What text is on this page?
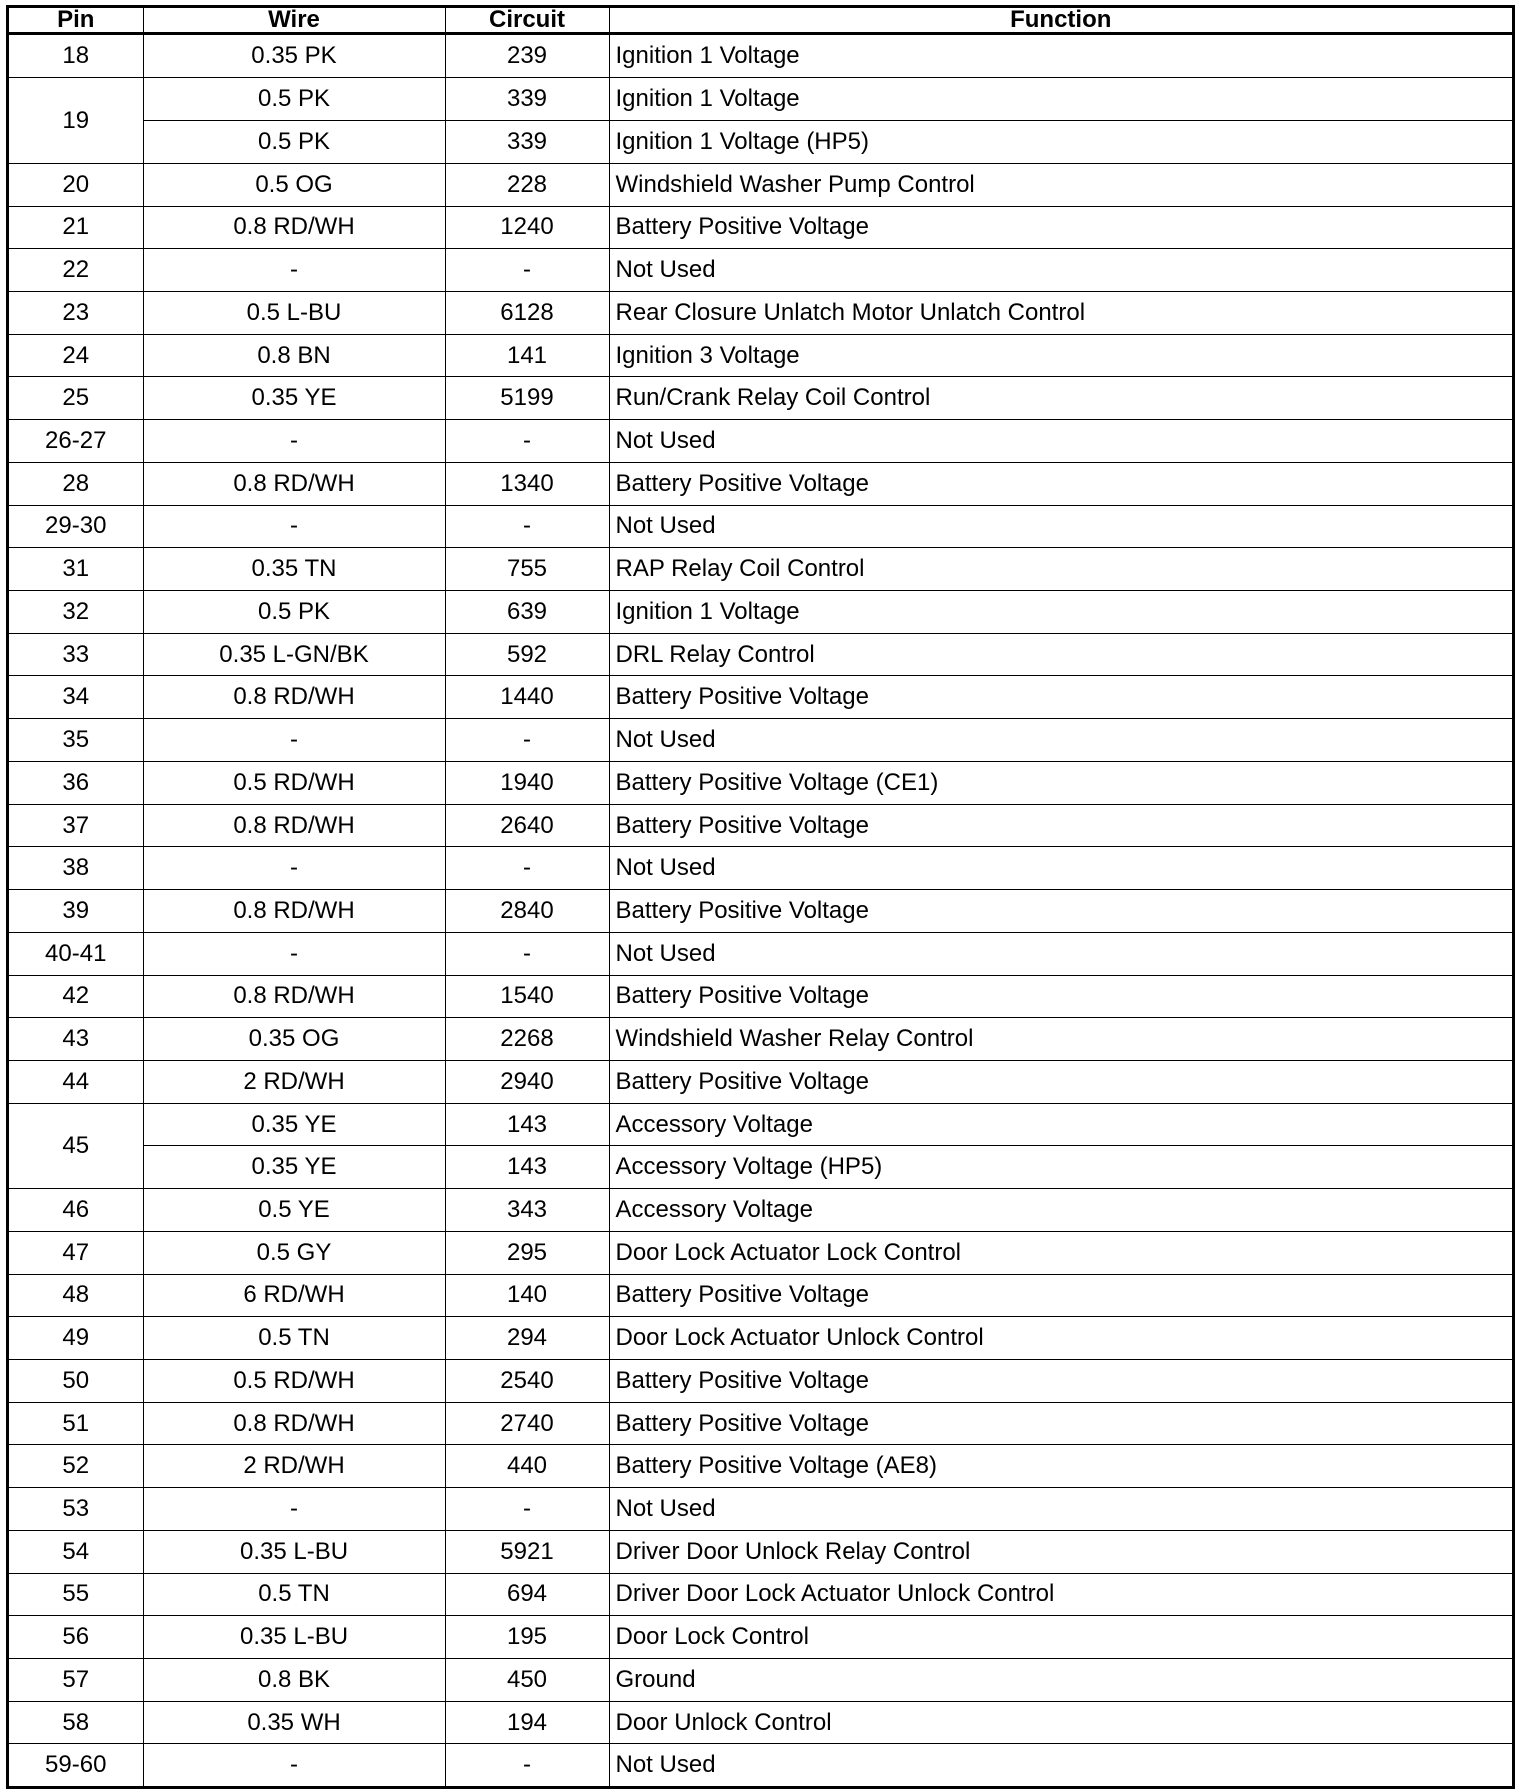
Pin	Wire	Circuit	Function
18	0.35 PK	239	Ignition 1 Voltage
19	0.5 PK	339	Ignition 1 Voltage
	0.5 PK	339	Ignition 1 Voltage (HP5)
20	0.5 OG	228	Windshield Washer Pump Control
21	0.8 RD/WH	1240	Battery Positive Voltage
22	-	-	Not Used
23	0.5 L-BU	6128	Rear Closure Unlatch Motor Unlatch Control
24	0.8 BN	141	Ignition 3 Voltage
25	0.35 YE	5199	Run/Crank Relay Coil Control
26-27	-	-	Not Used
28	0.8 RD/WH	1340	Battery Positive Voltage
29-30	-	-	Not Used
31	0.35 TN	755	RAP Relay Coil Control
32	0.5 PK	639	Ignition 1 Voltage
33	0.35 L-GN/BK	592	DRL Relay Control
34	0.8 RD/WH	1440	Battery Positive Voltage
35	-	-	Not Used
36	0.5 RD/WH	1940	Battery Positive Voltage (CE1)
37	0.8 RD/WH	2640	Battery Positive Voltage
38	-	-	Not Used
39	0.8 RD/WH	2840	Battery Positive Voltage
40-41	-	-	Not Used
42	0.8 RD/WH	1540	Battery Positive Voltage
43	0.35 OG	2268	Windshield Washer Relay Control
44	2 RD/WH	2940	Battery Positive Voltage
45	0.35 YE	143	Accessory Voltage
	0.35 YE	143	Accessory Voltage (HP5)
46	0.5 YE	343	Accessory Voltage
47	0.5 GY	295	Door Lock Actuator Lock Control
48	6 RD/WH	140	Battery Positive Voltage
49	0.5 TN	294	Door Lock Actuator Unlock Control
50	0.5 RD/WH	2540	Battery Positive Voltage
51	0.8 RD/WH	2740	Battery Positive Voltage
52	2 RD/WH	440	Battery Positive Voltage (AE8)
53	-	-	Not Used
54	0.35 L-BU	5921	Driver Door Unlock Relay Control
55	0.5 TN	694	Driver Door Lock Actuator Unlock Control
56	0.35 L-BU	195	Door Lock Control
57	0.8 BK	450	Ground
58	0.35 WH	194	Door Unlock Control
59-60	-	-	Not Used
